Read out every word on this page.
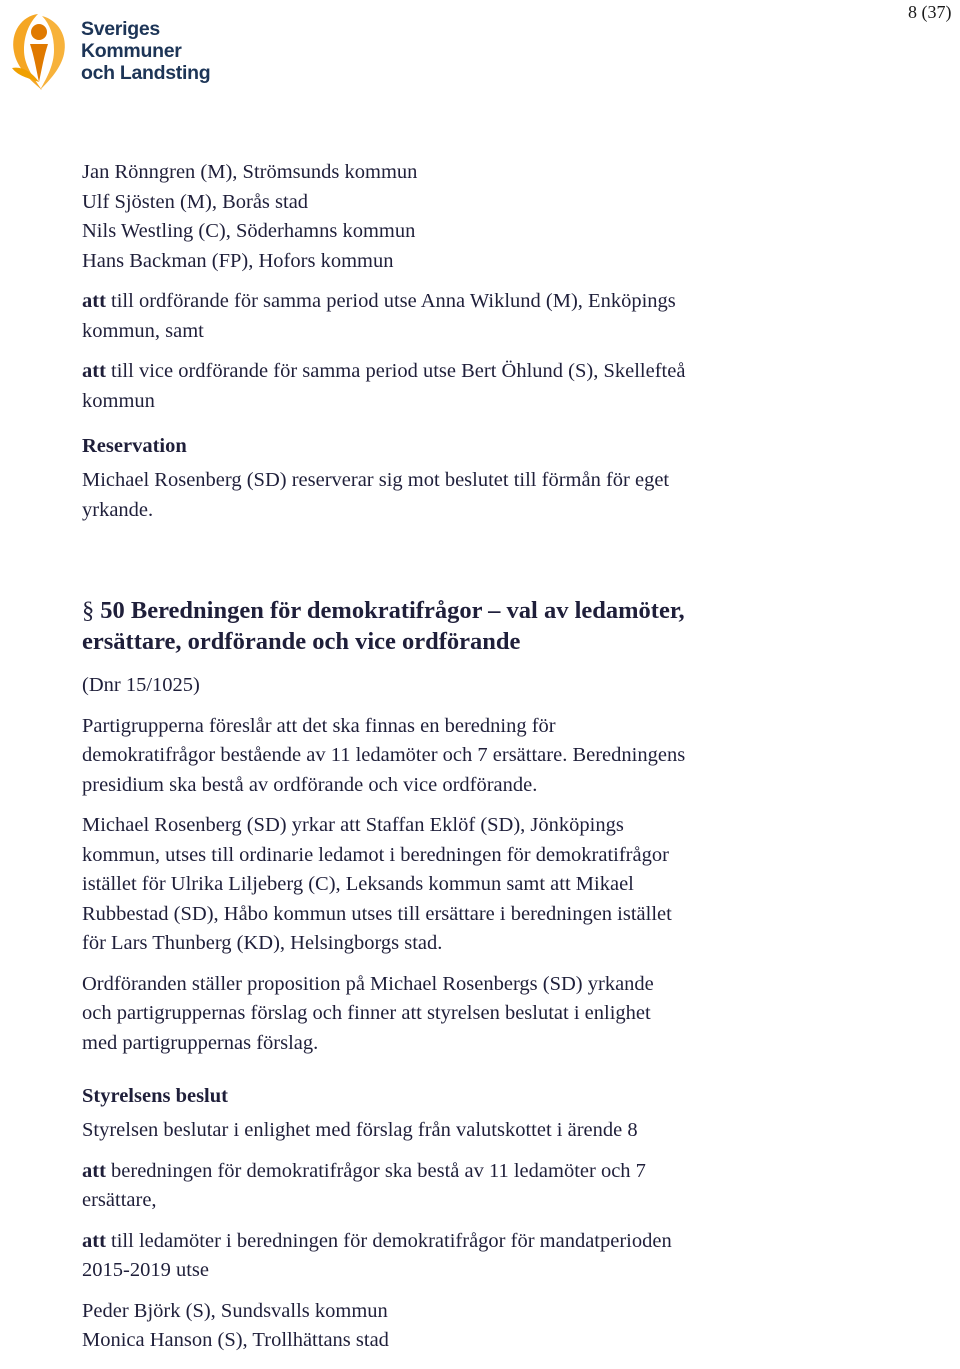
8 (37)
Sveriges
Kommuner
och Landsting
Jan Rönngren (M), Strömsunds kommun
Ulf Sjösten (M), Borås stad
Nils Westling (C), Söderhamns kommun
Hans Backman (FP), Hofors kommun
att till ordförande för samma period utse Anna Wiklund (M), Enköpings
kommun, samt
att till vice ordförande för samma period utse Bert Öhlund (S), Skellefteå
kommun
Reservation
Michael Rosenberg (SD) reserverar sig mot beslutet till förmån för eget
yrkande.
§ 50 Beredningen för demokratifrågor – val av ledamöter,
ersättare, ordförande och vice ordförande
(Dnr 15/1025)
Partigrupperna föreslår att det ska finnas en beredning för
demokratifrågor bestående av 11 ledamöter och 7 ersättare. Beredningens
presidium ska bestå av ordförande och vice ordförande.
Michael Rosenberg (SD) yrkar att Staffan Eklöf (SD), Jönköpings
kommun, utses till ordinarie ledamot i beredningen för demokratifrågor
istället för Ulrika Liljeberg (C), Leksands kommun samt att Mikael
Rubbestad (SD), Håbo kommun utses till ersättare i beredningen istället
för Lars Thunberg (KD), Helsingborgs stad.
Ordföranden ställer proposition på Michael Rosenbergs (SD) yrkande
och partigruppernas förslag och finner att styrelsen beslutat i enlighet
med partigruppernas förslag.
Styrelsens beslut
Styrelsen beslutar i enlighet med förslag från valutskottet i ärende 8
att beredningen för demokratifrågor ska bestå av 11 ledamöter och 7
ersättare,
att till ledamöter i beredningen för demokratifrågor för mandatperioden
2015-2019 utse
Peder Björk (S), Sundsvalls kommun
Monica Hanson (S), Trollhättans stad
